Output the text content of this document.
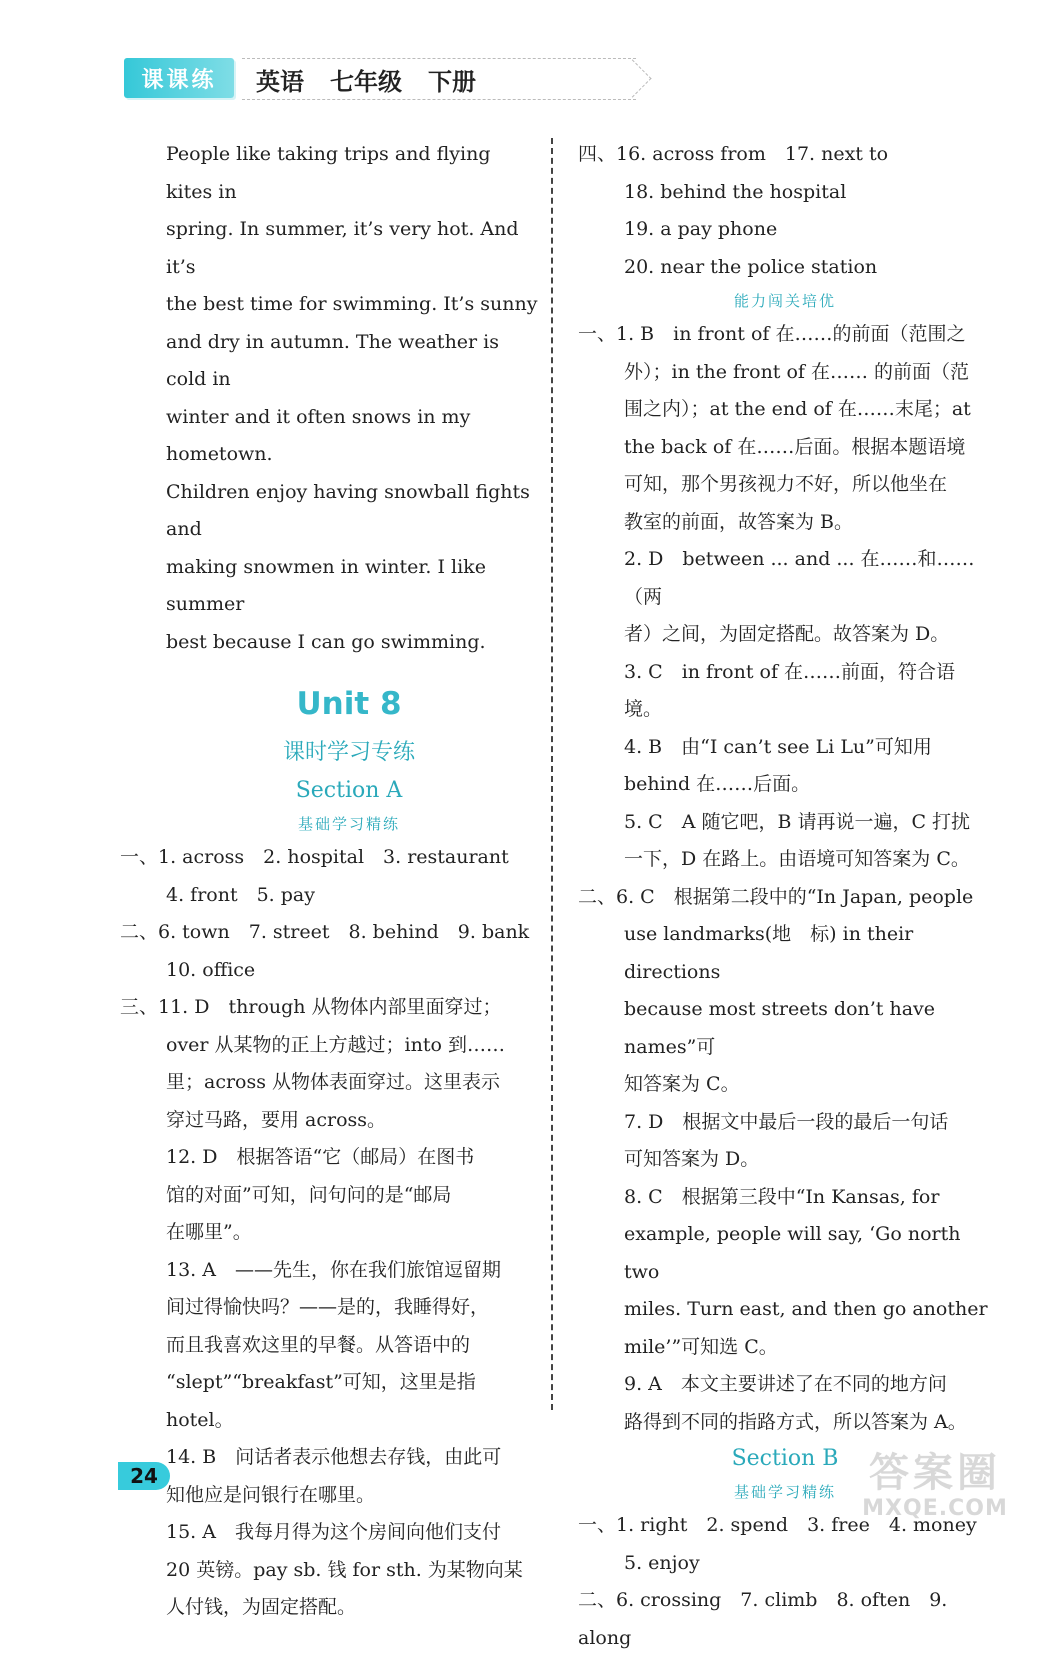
课课练	英语 七年级 下册

People like taking trips and flying kites in

spring. In summer, it’s very hot. And it’s

the best time for swimming. It’s sunny

and dry in autumn. The weather is cold in

winter and it often snows in my hometown.

Children enjoy having snowball fights and

making snowmen in winter. I like summer

best because I can go swimming.

Unit 8
课时学习专练
Section A
基础学习精练

一、1. across　2. hospital　3. restaurant

4. front　5. pay

二、6. town　7. street　8. behind　9. bank

10. office

三、11. D　through 从物体内部里面穿过；

over 从某物的正上方越过；into 到……

里；across 从物体表面穿过。这里表示

穿过马路，要用 across。

12. D　根据答语“它（邮局）在图书

馆的对面”可知，问句问的是“邮局

在哪里”。

13. A　——先生，你在我们旅馆逗留期

间过得愉快吗？——是的，我睡得好，

而且我喜欢这里的早餐。从答语中的

“slept”“breakfast”可知，这里是指

hotel。

14. B　问话者表示他想去存钱，由此可

知他应是问银行在哪里。

15. A　我每月得为这个房间向他们支付

20 英镑。pay sb. 钱 for sth. 为某物向某

人付钱，为固定搭配。

四、16. across from　17. next to

18. behind the hospital

19. a pay phone

20. near the police station

能力闯关培优

一、1. B　in front of 在……的前面（范围之

外）；in the front of 在…… 的前面（范

围之内）；at the end of 在……末尾；at

the back of 在……后面。根据本题语境

可知，那个男孩视力不好，所以他坐在

教室的前面，故答案为 B。

2. D　between ... and ... 在……和……（两

者）之间，为固定搭配。故答案为 D。

3. C　in front of 在……前面，符合语境。

4. B　由“I can’t see Li Lu”可知用

behind 在……后面。

5. C　A 随它吧，B 请再说一遍，C 打扰

一下，D 在路上。由语境可知答案为 C。

二、6. C　根据第二段中的“In Japan, people

use landmarks(地　标) in their directions

because most streets don’t have names”可

知答案为 C。

7. D　根据文中最后一段的最后一句话

可知答案为 D。

8. C　根据第三段中“In Kansas, for

example, people will say, ‘Go north two

miles. Turn east, and then go another

mile’”可知选 C。

9. A　本文主要讲述了在不同的地方问

路得到不同的指路方式，所以答案为 A。

Section B
基础学习精练

一、1. right　2. spend　3. free　4. money

5. enjoy

二、6. crossing　7. climb　8. often　9. along

24	答案圈
MXQE.COM
